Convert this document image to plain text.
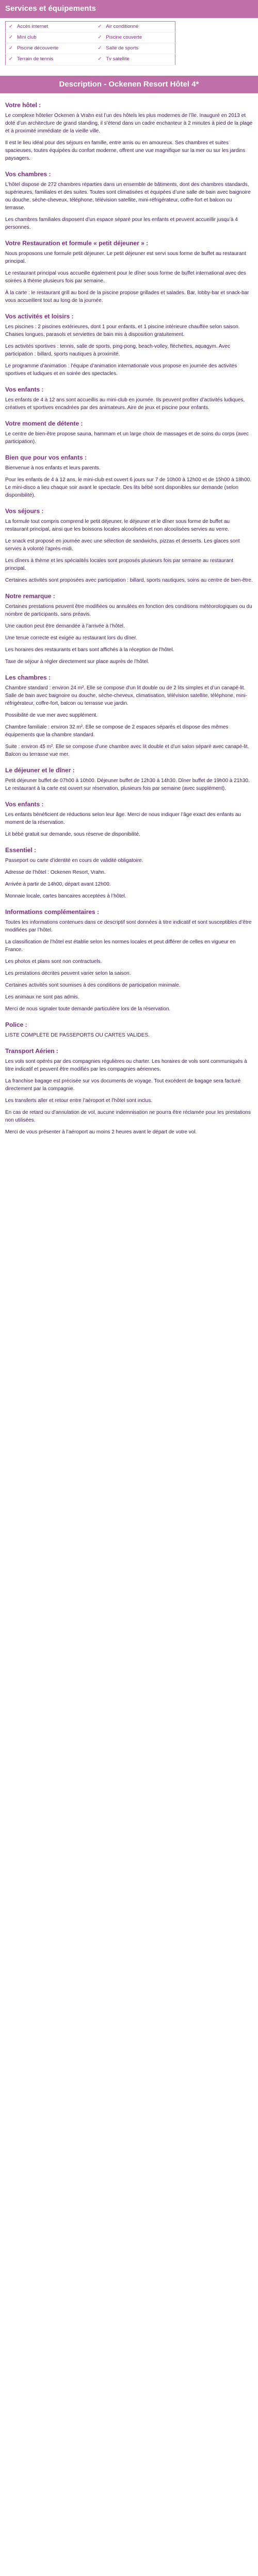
Services et équipements
✓ Accès internet	✓ Air conditionné
✓ Mini club	✓ Piscine couverte
✓ Piscine découverte	✓ Salle de sports
✓ Terrain de tennis	✓ Tv satellite
Description - Ockenen Resort Hôtel 4*
Votre hôtel :
Le complexe hôtelier Ockenen à Vrahn est l’un des hôtels les plus modernes de l’île. Inauguré en 2013 et doté d’un architecture de grand standing, il s’étend dans un cadre enchanteur à 2 minutes à pied de la plage et à proximité immédiate de la vieille ville.
Il est le lieu idéal pour des séjours en famille, entre amis ou en amoureux. Ses chambres et suites spacieuses, toutes équipées du confort moderne, offrent une vue magnifique sur la mer ou sur les jardins paysagers.
Vos chambres :
L’hôtel dispose de 272 chambres réparties dans un ensemble de bâtiments, dont des chambres standards, supérieures, familiales et des suites. Toutes sont climatisées et équipées d’une salle de bain avec baignoire ou douche, sèche-cheveux, téléphone, télévision satellite, mini-réfrigérateur, coffre-fort et balcon ou terrasse.
Les chambres familiales disposent d’un espace séparé pour les enfants et peuvent accueillir jusqu’à 4 personnes.
Votre Restauration et formule « petit déjeuner » :
Nous proposons une formule petit déjeuner. Le petit déjeuner est servi sous forme de buffet au restaurant principal.
Le restaurant principal vous accueille également pour le dîner sous forme de buffet international avec des soirées à thème plusieurs fois par semaine.
À la carte : le restaurant grill au bord de la piscine propose grillades et salades. Bar, lobby-bar et snack-bar vous accueillent tout au long de la journée.
Vos activités et loisirs :
Les piscines : 2 piscines extérieures, dont 1 pour enfants, et 1 piscine intérieure chauffée selon saison. Chaises longues, parasols et serviettes de bain mis à disposition gratuitement.
Les activités sportives : tennis, salle de sports, ping-pong, beach-volley, fléchettes, aquagym. Avec participation : billard, sports nautiques à proximité.
Le programme d’animation : l’équipe d’animation internationale vous propose en journée des activités sportives et ludiques et en soirée des spectacles.
Vos enfants :
Les enfants de 4 à 12 ans sont accueillis au mini-club en journée. Ils peuvent profiter d’activités ludiques, créatives et sportives encadrées par des animateurs. Aire de jeux et piscine pour enfants.
Votre moment de détente :
Le centre de bien-être propose sauna, hammam et un large choix de massages et de soins du corps (avec participation).
Bien que pour vos enfants :
Bienvenue à nos enfants et leurs parents.
Pour les enfants de 4 à 12 ans, le mini-club est ouvert 6 jours sur 7 de 10h00 à 12h00 et de 15h00 à 18h00. Le mini-disco a lieu chaque soir avant le spectacle. Des lits bébé sont disponibles sur demande (selon disponibilité).
Vos séjours :
La formule tout compris comprend le petit déjeuner, le déjeuner et le dîner sous forme de buffet au restaurant principal, ainsi que les boissons locales alcoolisées et non alcoolisées servies au verre.
Le snack est proposé en journée avec une sélection de sandwichs, pizzas et desserts. Les glaces sont servies à volonté l’après-midi.
Les dîners à thème et les spécialités locales sont proposés plusieurs fois par semaine au restaurant principal.
Certaines activités sont proposées avec participation : billard, sports nautiques, soins au centre de bien-être.
Notre remarque :
Certaines prestations peuvent être modifiées ou annulées en fonction des conditions météorologiques ou du nombre de participants, sans préavis.
Une caution peut être demandée à l’arrivée à l’hôtel.
Une tenue correcte est exigée au restaurant lors du dîner.
Les horaires des restaurants et bars sont affichés à la réception de l’hôtel.
Taxe de séjour à régler directement sur place auprès de l’hôtel.
Les chambres :
Chambre standard : environ 24 m². Elle se compose d’un lit double ou de 2 lits simples et d’un canapé-lit. Salle de bain avec baignoire ou douche, sèche-cheveux, climatisation, télévision satellite, téléphone, mini-réfrigérateur, coffre-fort, balcon ou terrasse vue jardin.
Possibilité de vue mer avec supplément.
Chambre familiale : environ 32 m². Elle se compose de 2 espaces séparés et dispose des mêmes équipements que la chambre standard.
Suite : environ 45 m². Elle se compose d’une chambre avec lit double et d’un salon séparé avec canapé-lit. Balcon ou terrasse vue mer.
Le déjeuner et le dîner :
Petit déjeuner buffet de 07h00 à 10h00. Déjeuner buffet de 12h30 à 14h30. Dîner buffet de 19h00 à 21h30. Le restaurant à la carte est ouvert sur réservation, plusieurs fois par semaine (avec supplément).
Vos enfants :
Les enfants bénéficient de réductions selon leur âge. Merci de nous indiquer l’âge exact des enfants au moment de la réservation.
Lit bébé gratuit sur demande, sous réserve de disponibilité.
Essentiel :
Passeport ou carte d’identité en cours de validité obligatoire.
Adresse de l’hôtel : Ockenen Resort, Vrahn.
Arrivée à partir de 14h00, départ avant 12h00.
Monnaie locale, cartes bancaires acceptées à l’hôtel.
Informations complémentaires :
Toutes les informations contenues dans ce descriptif sont données à titre indicatif et sont susceptibles d’être modifiées par l’hôtel.
La classification de l’hôtel est établie selon les normes locales et peut différer de celles en vigueur en France.
Les photos et plans sont non contractuels.
Les prestations décrites peuvent varier selon la saison.
Certaines activités sont soumises à des conditions de participation minimale.
Les animaux ne sont pas admis.
Merci de nous signaler toute demande particulière lors de la réservation.
Police :
LISTE COMPLÈTE DE PASSEPORTS OU CARTES VALIDES.
Transport Aérien :
Les vols sont opérés par des compagnies régulières ou charter. Les horaires de vols sont communiqués à titre indicatif et peuvent être modifiés par les compagnies aériennes.
La franchise bagage est précisée sur vos documents de voyage. Tout excédent de bagage sera facturé directement par la compagnie.
Les transferts aller et retour entre l’aéroport et l’hôtel sont inclus.
En cas de retard ou d’annulation de vol, aucune indemnisation ne pourra être réclamée pour les prestations non utilisées.
Merci de vous présenter à l’aéroport au moins 2 heures avant le départ de votre vol.
